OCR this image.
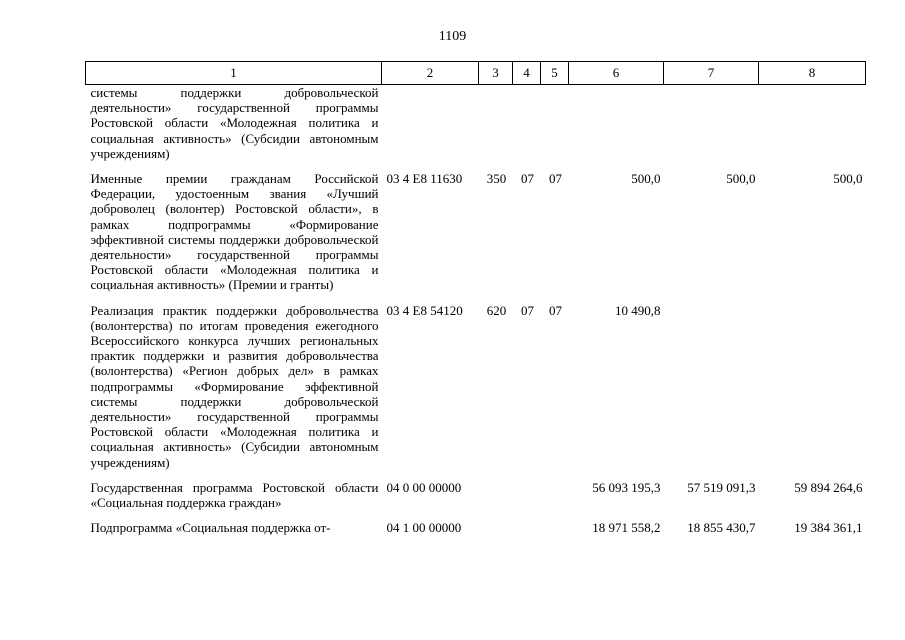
1109
1	2	3	4	5	6	7	8
системы поддержки добровольческой деятельности» государственной программы Ростовской области «Молодежная политика и социальная активность» (Субсидии автономным учреждениям)							

Именные премии гражданам Российской Федерации, удостоенным звания «Лучший доброволец (волонтер) Ростовской области», в рамках подпрограммы «Формирование эффективной системы поддержки добровольческой деятельности» государственной программы Ростовской области «Молодежная политика и социальная активность» (Премии и гранты)	03 4 E8 11630	350	07	07	500,0	500,0	500,0

Реализация практик поддержки добровольчества (волонтерства) по итогам проведения ежегодного Всероссийского конкурса лучших региональных практик поддержки и развития добровольчества (волонтерства) «Регион добрых дел» в рамках подпрограммы «Формирование эффективной системы поддержки добровольческой деятельности» государственной программы Ростовской области «Молодежная политика и социальная активность» (Субсидии автономным учреждениям)	03 4 E8 54120	620	07	07	10 490,8		

Государственная программа Ростовской области «Социальная поддержка граждан»	04 0 00 00000				56 093 195,3	57 519 091,3	59 894 264,6

Подпрограмма «Социальная поддержка от-	04 1 00 00000				18 971 558,2	18 855 430,7	19 384 361,1
